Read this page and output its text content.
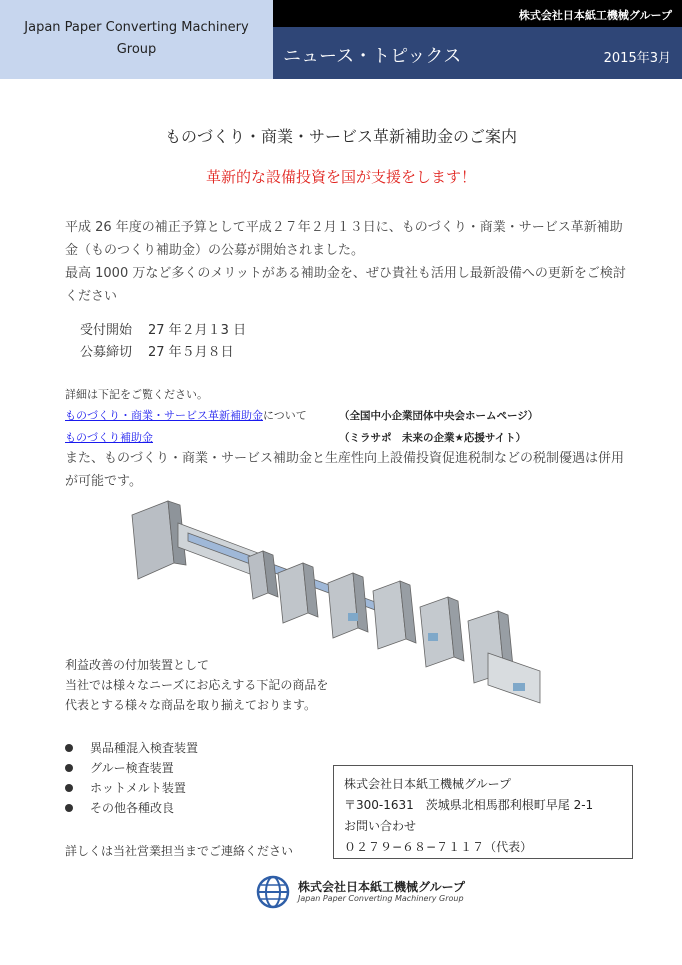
Japan Paper Converting Machinery
Group
株式会社日本紙工機械グループ
ニュース・トピックス	2015年3月
ものづくり・商業・サービス革新補助金のご案内
革新的な設備投資を国が支援をします！
平成 26 年度の補正予算として平成２７年２月１３日に、ものづくり・商業・サービス革新補助金（ものつくり補助金）の公募が開始されました。
最高 1000 万など多くのメリットがある補助金を、ぜひ貴社も活用し最新設備への更新をご検討ください
受付開始 27 年２月１3 日
公募締切 27 年５月８日
詳細は下記をご覧ください。
ものづくり・商業・サービス革新補助金について	（全国中小企業団体中央会ホームページ）
ものづくり補助金	（ミラサポ　未来の企業★応援サイト）
また、ものづくり・商業・サービス補助金と生産性向上設備投資促進税制などの税制優遇は併用が可能です。
利益改善の付加装置として
当社では様々なニーズにお応えする下記の商品を
代表とする様々な商品を取り揃えております。
異品種混入検査装置
グルー検査装置
ホットメルト装置
その他各種改良
詳しくは当社営業担当までご連絡ください
株式会社日本紙工機械グループ
〒300-1631　茨城県北相馬郡利根町早尾 2-1
お問い合わせ
０２７９−６８−７１１７（代表）
株式会社日本紙工機械グループ
Japan Paper Converting Machinery Group
